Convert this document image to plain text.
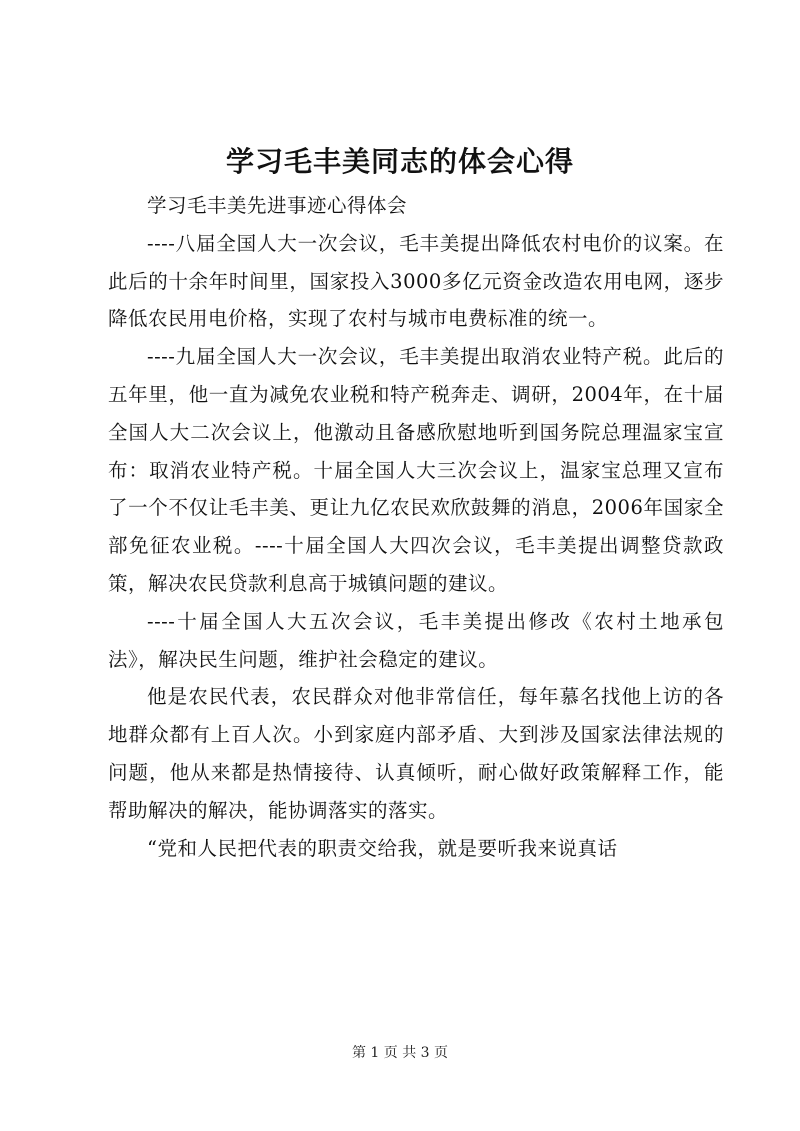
学习毛丰美同志的体会心得

学习毛丰美先进事迹心得体会

----八届全国人大一次会议，毛丰美提出降低农村电价的议案。在此后的十余年时间里，国家投入3000多亿元资金改造农用电网，逐步降低农民用电价格，实现了农村与城市电费标准的统一。

----九届全国人大一次会议，毛丰美提出取消农业特产税。此后的五年里，他一直为减免农业税和特产税奔走、调研，2004年，在十届全国人大二次会议上，他激动且备感欣慰地听到国务院总理温家宝宣布：取消农业特产税。十届全国人大三次会议上，温家宝总理又宣布了一个不仅让毛丰美、更让九亿农民欢欣鼓舞的消息，2006年国家全部免征农业税。----十届全国人大四次会议，毛丰美提出调整贷款政策，解决农民贷款利息高于城镇问题的建议。

----十届全国人大五次会议，毛丰美提出修改《农村土地承包法》，解决民生问题，维护社会稳定的建议。

他是农民代表，农民群众对他非常信任，每年慕名找他上访的各地群众都有上百人次。小到家庭内部矛盾、大到涉及国家法律法规的问题，他从来都是热情接待、认真倾听，耐心做好政策解释工作，能帮助解决的解决，能协调落实的落实。

“党和人民把代表的职责交给我，就是要听我来说真话

第 1 页 共 3 页
